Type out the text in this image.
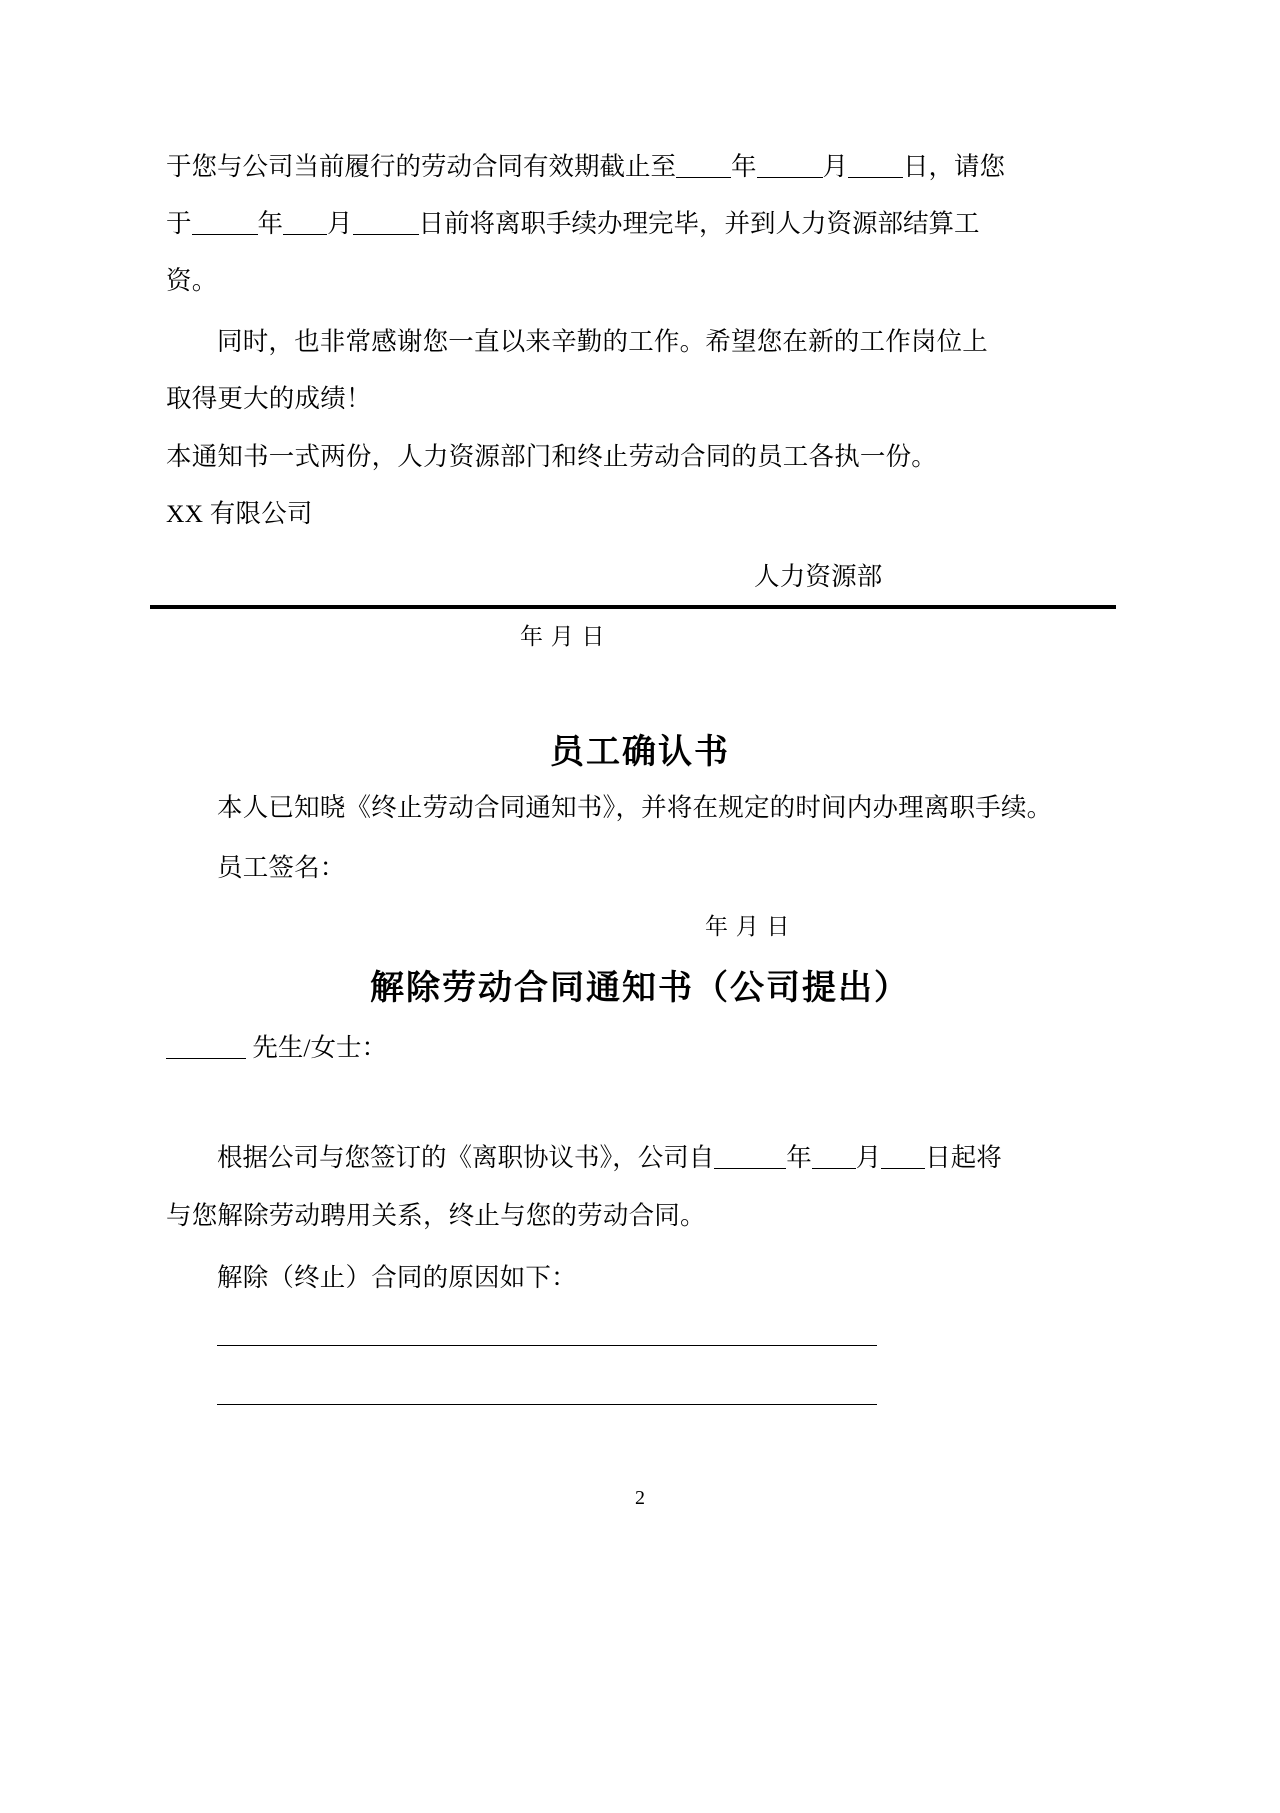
于您与公司当前履行的劳动合同有效期截止至 年	月 日，请您
于	年 月	日前将离职手续办理完毕，并到人力资源部结算工
资。
同时，也非常感谢您一直以来辛勤的工作。希望您在新的工作岗位上
取得更大的成绩！
本通知书一式两份，人力资源部门和终止劳动合同的员工各执一份。
XX 有限公司
人力资源部
年 月 日
员工确认书
本人已知晓《终止劳动合同通知书》，并将在规定的时间内办理离职手续。
员工签名：
年 月 日
解除劳动合同通知书（公司提出）
先生/女士：
根据公司与您签订的《离职协议书》，公司自	年 月 日起将
与您解除劳动聘用关系，终止与您的劳动合同。
解除（终止）合同的原因如下：
2
